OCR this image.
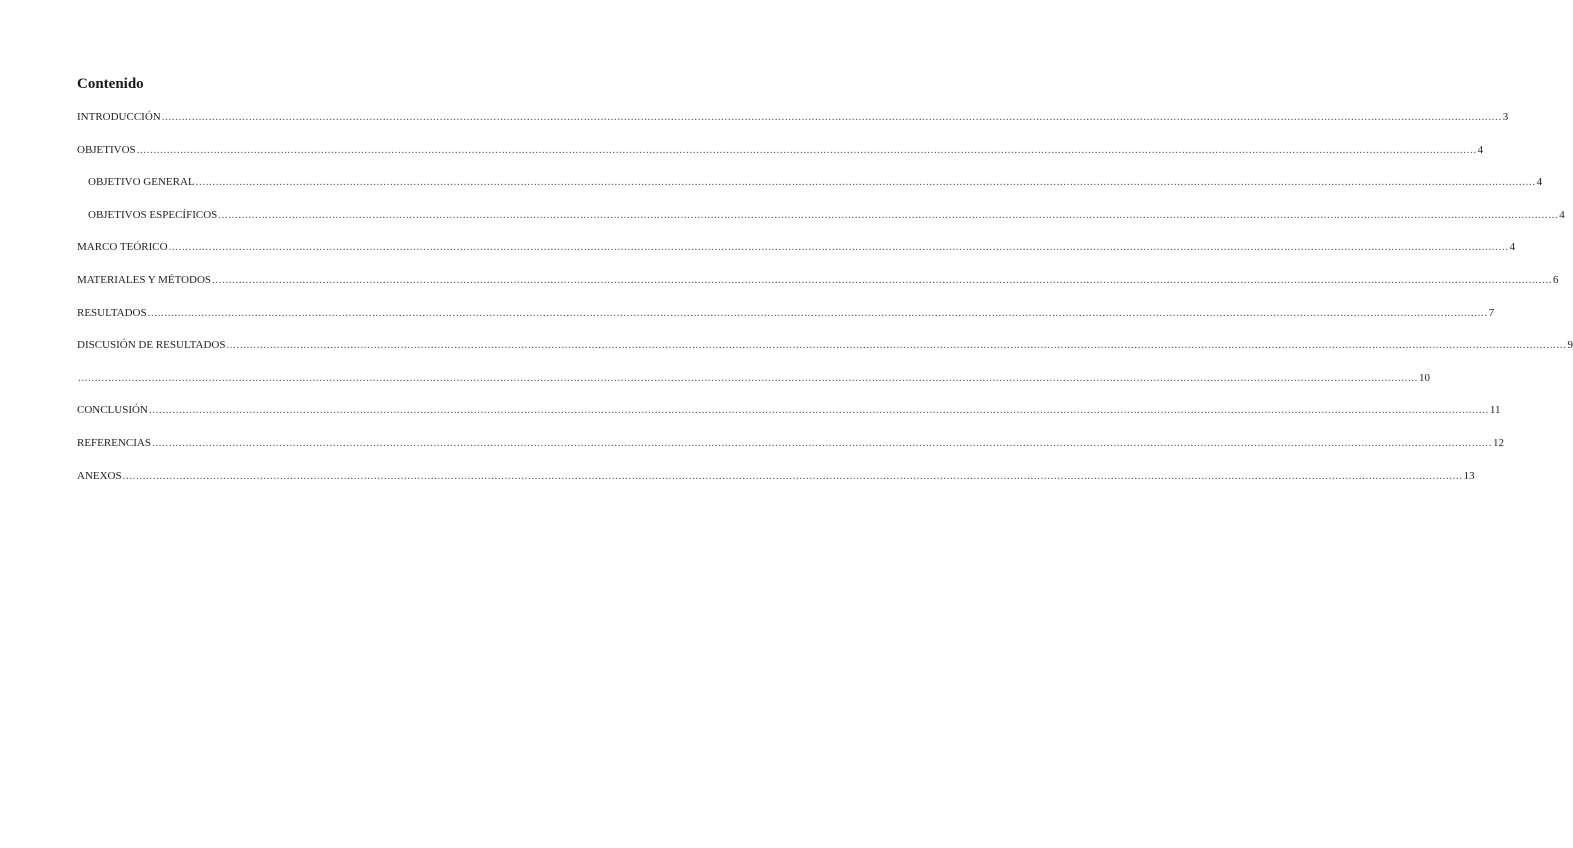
Contenido
INTRODUCCIÓN ................................................................................................................................................................................................................................................................................................................................................................................................................ 3
OBJETIVOS ................................................................................................................................................................................................................................................................................................................................................................................................................ 4
OBJETIVO GENERAL ................................................................................................................................................................................................................................................................................................................................................................................................................ 4
OBJETIVOS ESPECÍFICOS ................................................................................................................................................................................................................................................................................................................................................................................................................ 4
MARCO TEÓRICO ................................................................................................................................................................................................................................................................................................................................................................................................................ 4
MATERIALES Y MÉTODOS ................................................................................................................................................................................................................................................................................................................................................................................................................ 6
RESULTADOS ................................................................................................................................................................................................................................................................................................................................................................................................................ 7
DISCUSIÓN DE RESULTADOS ................................................................................................................................................................................................................................................................................................................................................................................................................ 9
................................................................................................................................................................................................................................................................................................................................................................................................................ 10
CONCLUSIÓN ................................................................................................................................................................................................................................................................................................................................................................................................................ 11
REFERENCIAS ................................................................................................................................................................................................................................................................................................................................................................................................................ 12
ANEXOS ................................................................................................................................................................................................................................................................................................................................................................................................................ 13
